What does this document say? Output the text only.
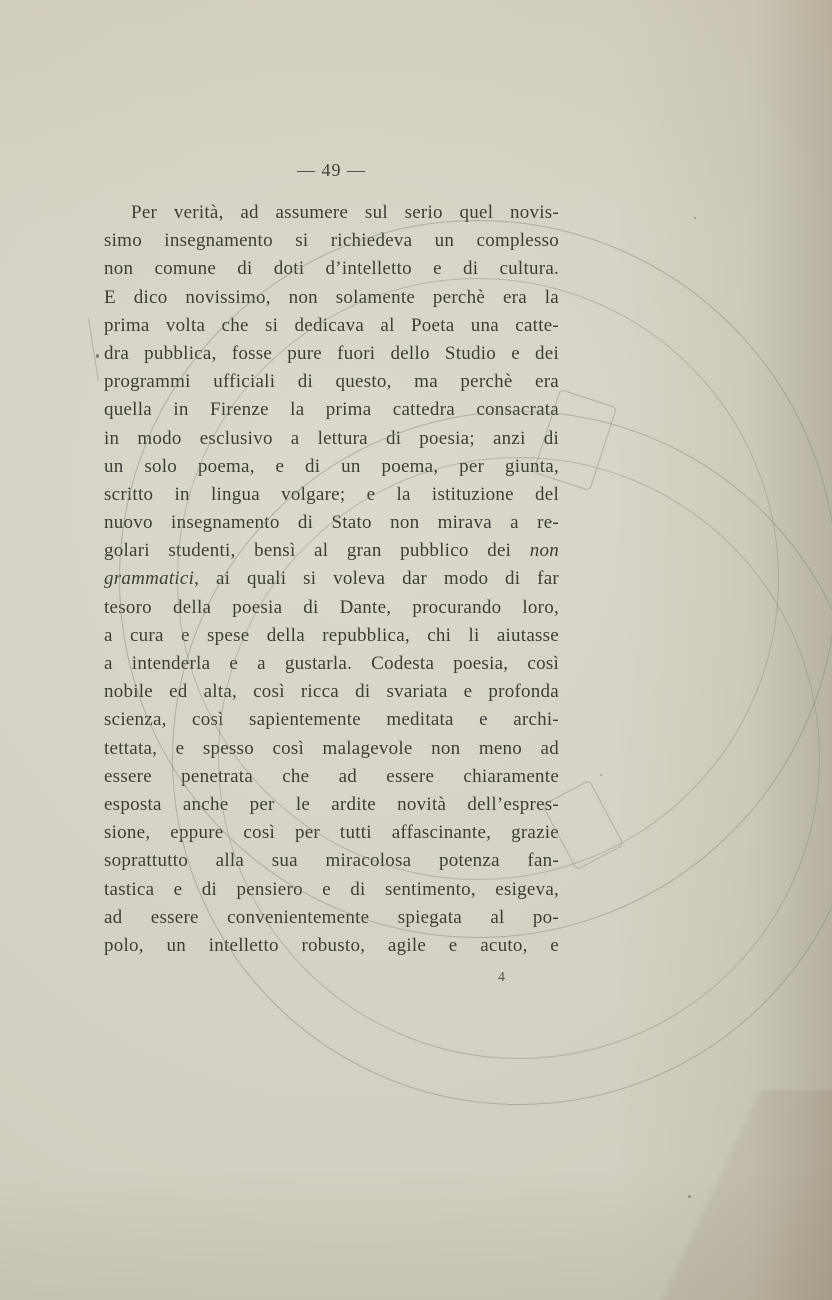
— 49 —
Per verità, ad assumere sul serio quel novis-
simo insegnamento si richiedeva un complesso
non comune di doti d’intelletto e di cultura.
E dico novissimo, non solamente perchè era la
prima volta che si dedicava al Poeta una catte-
dra pubblica, fosse pure fuori dello Studio e dei
programmi ufficiali di questo, ma perchè era
quella in Firenze la prima cattedra consacrata
in modo esclusivo a lettura di poesia; anzi di
un solo poema, e di un poema, per giunta,
scritto in lingua volgare; e la istituzione del
nuovo insegnamento di Stato non mirava a re-
golari studenti, bensì al gran pubblico dei non
grammatici, ai quali si voleva dar modo di far
tesoro della poesia di Dante, procurando loro,
a cura e spese della repubblica, chi li aiutasse
a intenderla e a gustarla. Codesta poesia, così
nobile ed alta, così ricca di svariata e profonda
scienza, così sapientemente meditata e archi-
tettata, e spesso così malagevole non meno ad
essere penetrata che ad essere chiaramente
esposta anche per le ardite novità dell’espres-
sione, eppure così per tutti affascinante, grazie
soprattutto alla sua miracolosa potenza fan-
tastica e di pensiero e di sentimento, esigeva,
ad essere convenientemente spiegata al po-
polo, un intelletto robusto, agile e acuto, e
4
